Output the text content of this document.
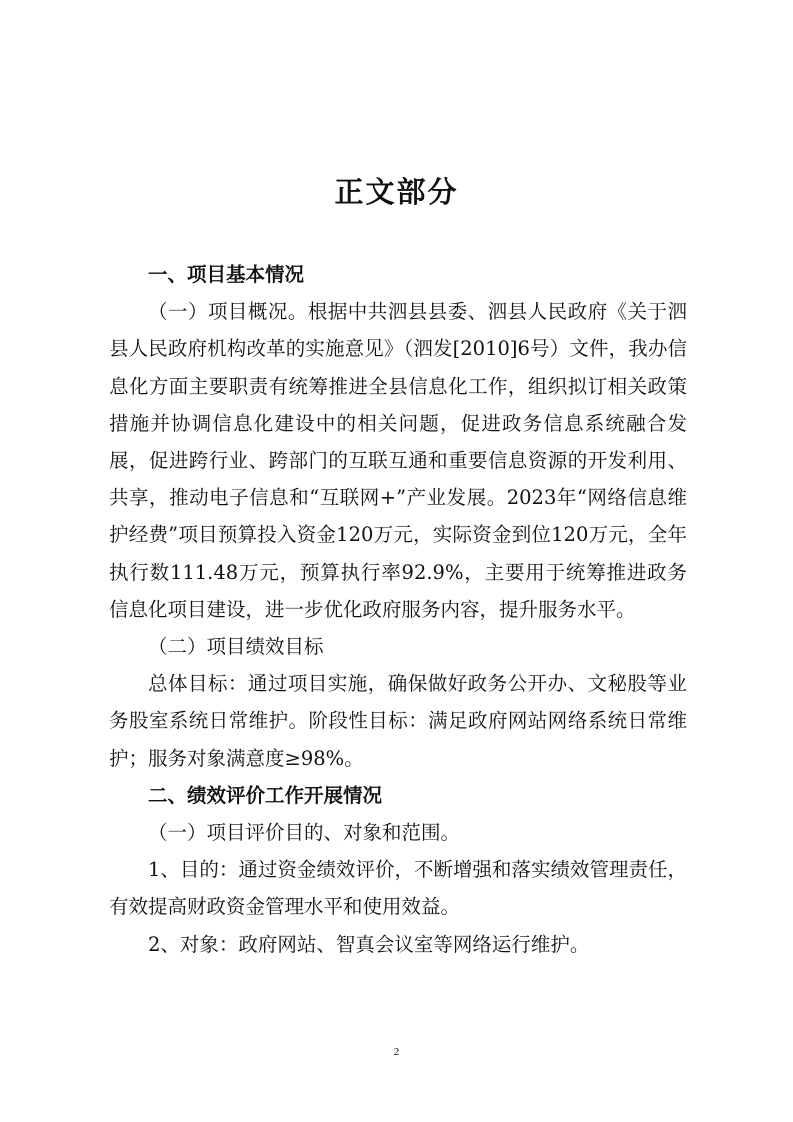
正文部分

一、项目基本情况

（一）项目概况。根据中共泗县县委、泗县人民政府《关于泗县人民政府机构改革的实施意见》（泗发[2010]6号）文件，我办信息化方面主要职责有统筹推进全县信息化工作，组织拟订相关政策措施并协调信息化建设中的相关问题，促进政务信息系统融合发展，促进跨行业、跨部门的互联互通和重要信息资源的开发利用、共享，推动电子信息和“互联网+”产业发展。2023年“网络信息维护经费”项目预算投入资金120万元，实际资金到位120万元，全年执行数111.48万元，预算执行率92.9%，主要用于统筹推进政务信息化项目建设，进一步优化政府服务内容，提升服务水平。

（二）项目绩效目标

总体目标：通过项目实施，确保做好政务公开办、文秘股等业务股室系统日常维护。阶段性目标：满足政府网站网络系统日常维护；服务对象满意度≥98%。

二、绩效评价工作开展情况

（一）项目评价目的、对象和范围。

1、目的：通过资金绩效评价，不断增强和落实绩效管理责任，有效提高财政资金管理水平和使用效益。

2、对象：政府网站、智真会议室等网络运行维护。

2
